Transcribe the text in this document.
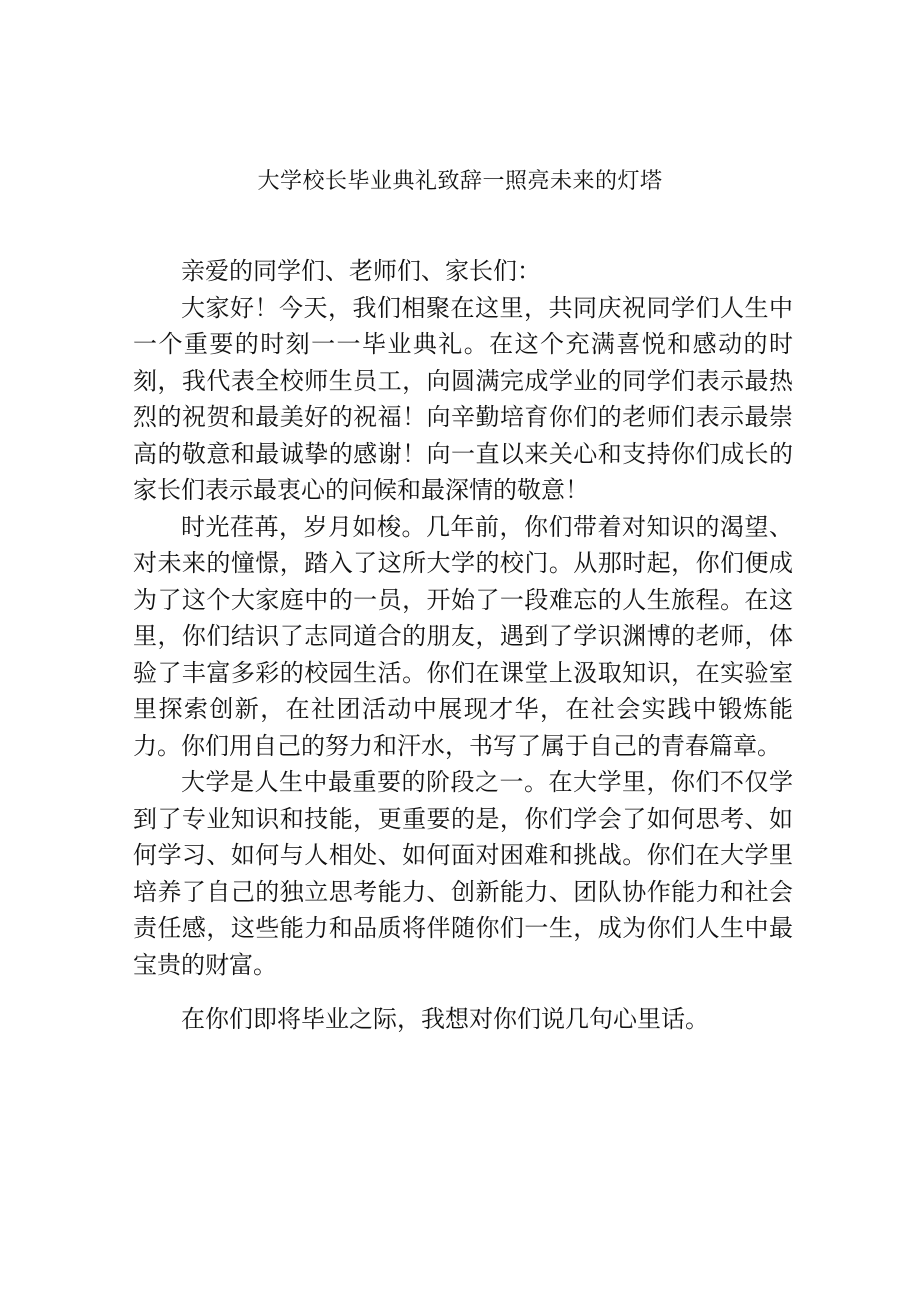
大学校长毕业典礼致辞一照亮未来的灯塔

亲爱的同学们、老师们、家长们：

大家好！今天，我们相聚在这里，共同庆祝同学们人生中一个重要的时刻一一毕业典礼。在这个充满喜悦和感动的时刻，我代表全校师生员工，向圆满完成学业的同学们表示最热烈的祝贺和最美好的祝福！向辛勤培育你们的老师们表示最崇高的敬意和最诚挚的感谢！向一直以来关心和支持你们成长的家长们表示最衷心的问候和最深情的敬意！

时光荏苒，岁月如梭。几年前，你们带着对知识的渴望、对未来的憧憬，踏入了这所大学的校门。从那时起，你们便成为了这个大家庭中的一员，开始了一段难忘的人生旅程。在这里，你们结识了志同道合的朋友，遇到了学识渊博的老师，体验了丰富多彩的校园生活。你们在课堂上汲取知识，在实验室里探索创新，在社团活动中展现才华，在社会实践中锻炼能力。你们用自己的努力和汗水，书写了属于自己的青春篇章。

大学是人生中最重要的阶段之一。在大学里，你们不仅学到了专业知识和技能，更重要的是，你们学会了如何思考、如何学习、如何与人相处、如何面对困难和挑战。你们在大学里培养了自己的独立思考能力、创新能力、团队协作能力和社会责任感，这些能力和品质将伴随你们一生，成为你们人生中最宝贵的财富。

在你们即将毕业之际，我想对你们说几句心里话。
